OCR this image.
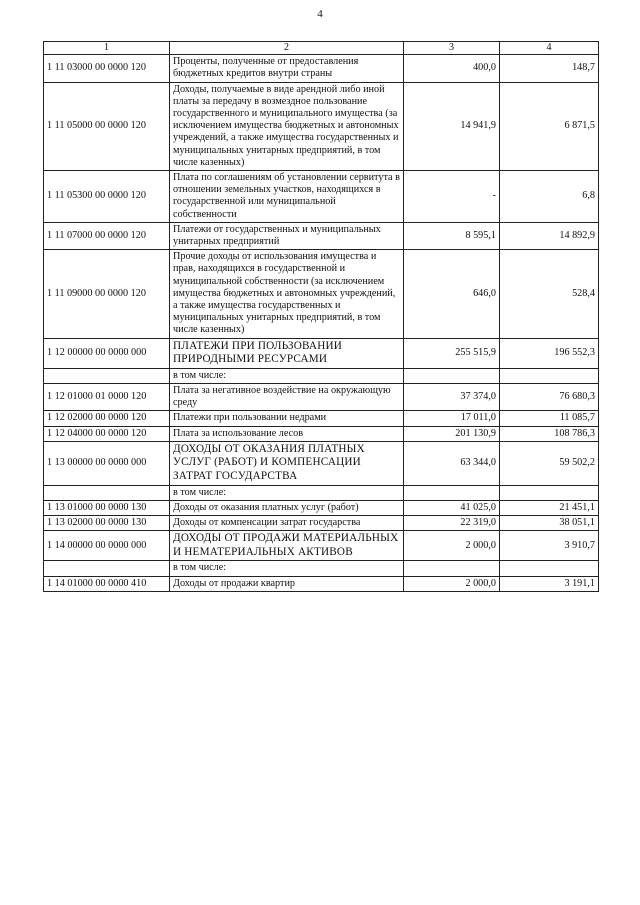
4
1	2	3	4
1 11 03000 00 0000 120	Проценты, полученные от предоставления бюджетных кредитов внутри страны	400,0	148,7
1 11 05000 00 0000 120	Доходы, получаемые в виде арендной либо иной платы за передачу в возмездное пользование государственного и муниципального имущества (за исключением имущества бюджетных и автономных учреждений, а также имущества государственных и муниципальных унитарных предприятий, в том числе казенных)	14 941,9	6 871,5
1 11 05300 00 0000 120	Плата по соглашениям об установлении сервитута в отношении земельных участков, находящихся в государственной или муниципальной собственности	-	6,8
1 11 07000 00 0000 120	Платежи от государственных и муниципальных унитарных предприятий	8 595,1	14 892,9
1 11 09000 00 0000 120	Прочие доходы от использования имущества и прав, находящихся в государственной и муниципальной собственности (за исключением имущества бюджетных и автономных учреждений, а также имущества государственных и муниципальных унитарных предприятий, в том числе казенных)	646,0	528,4
1 12 00000 00 0000 000	ПЛАТЕЖИ ПРИ ПОЛЬЗОВАНИИ ПРИРОДНЫМИ РЕСУРСАМИ	255 515,9	196 552,3
	в том числе:		
1 12 01000 01 0000 120	Плата за негативное воздействие на окружающую среду	37 374,0	76 680,3
1 12 02000 00 0000 120	Платежи при пользовании недрами	17 011,0	11 085,7
1 12 04000 00 0000 120	Плата за использование лесов	201 130,9	108 786,3
1 13 00000 00 0000 000	ДОХОДЫ ОТ ОКАЗАНИЯ ПЛАТНЫХ УСЛУГ (РАБОТ) И КОМПЕНСАЦИИ ЗАТРАТ ГОСУДАРСТВА	63 344,0	59 502,2
	в том числе:		
1 13 01000 00 0000 130	Доходы от оказания платных услуг (работ)	41 025,0	21 451,1
1 13 02000 00 0000 130	Доходы от компенсации затрат государства	22 319,0	38 051,1
1 14 00000 00 0000 000	ДОХОДЫ ОТ ПРОДАЖИ МАТЕРИАЛЬНЫХ И НЕМАТЕРИАЛЬНЫХ АКТИВОВ	2 000,0	3 910,7
	в том числе:		
1 14 01000 00 0000 410	Доходы от продажи квартир	2 000,0	3 191,1
